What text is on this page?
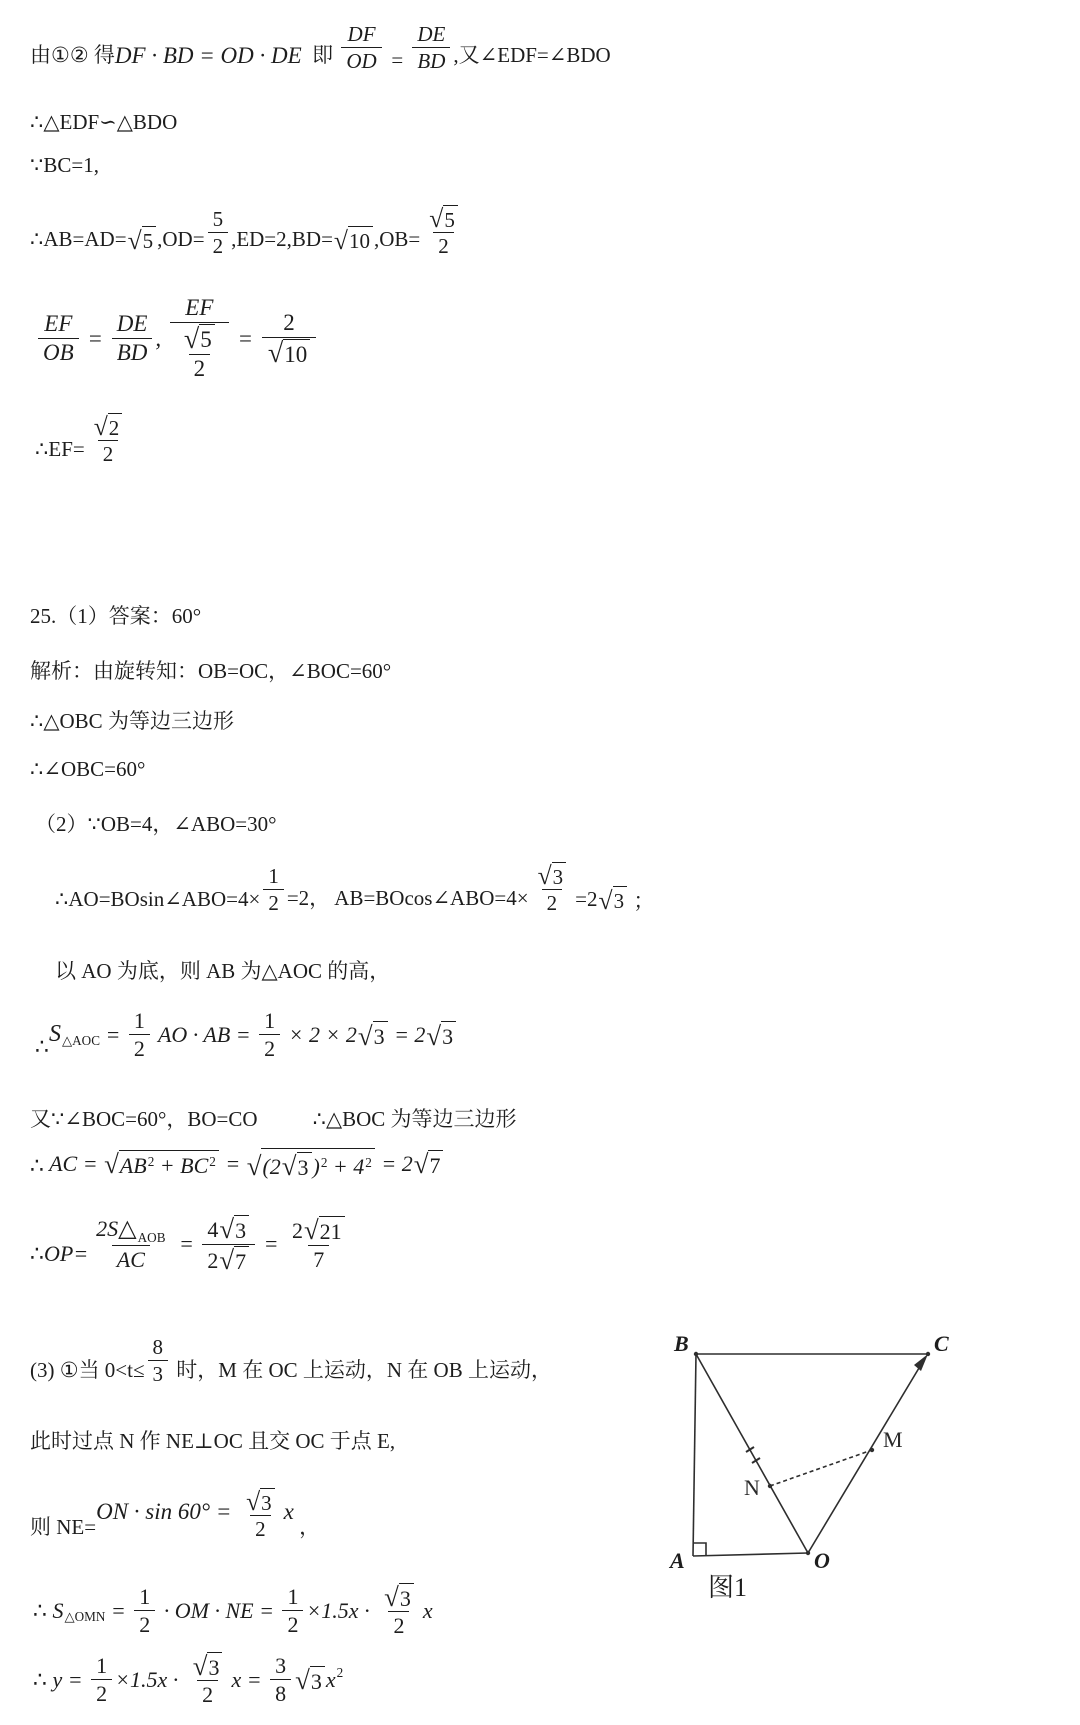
B	C
A	O
M
N
图1
由①② 得 DF · BD = OD · DE 即 $\frac{DF}{OD} = \frac{DE}{BD}$ ,又∠EDF=∠BDO
∴△EDF∽△BDO
∵BC=1,
∴AB=AD= √ 5 $,OD= \frac{5}{2} ,ED=2,BD=$ √ 10 $,OB= \frac{√ 5}{2}$
$\frac{EF}{OB} = \frac{DE}{BD}$ , $\frac{EF}{\frac{√ 5}{2}} = \frac{2}{√ 10}$
∴EF= $\frac{√ 2}{2}$
25.（1）答案：60°
解析：由旋转知：OB=OC，∠BOC=60°
∴△OBC 为等边三边形
∴∠OBC=60°
（2）∵OB=4，∠ABO=30°
∴AO=BOsin∠ABO=4× $\frac{1}{2} =2$， AB=BOcos∠ABO=4× $\frac{√ 3}{2} =2$ √ 3 ；
以 AO 为底，则 AB 为△AOC 的高，
∴ S △AOC = $\frac{1}{2}$ AO · AB = $\frac{1}{2} \times 2 \times 2$ √ 3 = 2 √ 3
又∵∠BOC=60°，BO=CO	∴△BOC 为等边三边形
∴ AC = √ AB 2 + BC 2 = √ (2 √ 3 ) 2 + 4 2 = 2 √ 7
∴OP= $\frac{\text{2S △ AOB}}{AC} = \frac{4 √ 3}{2 √ 7} = \frac{2 √ 21}{7}$
(3) ①当 $0<t\le \frac{8}{3}$ 时，M 在 OC 上运动，N 在 OB 上运动，
此时过点 N 作 NE⊥OC 且交 OC 于点 E,
则 NE=
ON · $\sin 60^\circ = \frac{√ 3}{2}$ x
，
∴ S △OMN = $\frac{1}{2}$ · OM · NE = $\frac{1}{2} \times 1.5x \cdot \frac{√ 3}{2}$ x
∴ $y = \frac{1}{2} \times 1.5x \cdot \frac{√ 3}{2}$ $x = \frac{3}{8}$ √ 3 x 2
